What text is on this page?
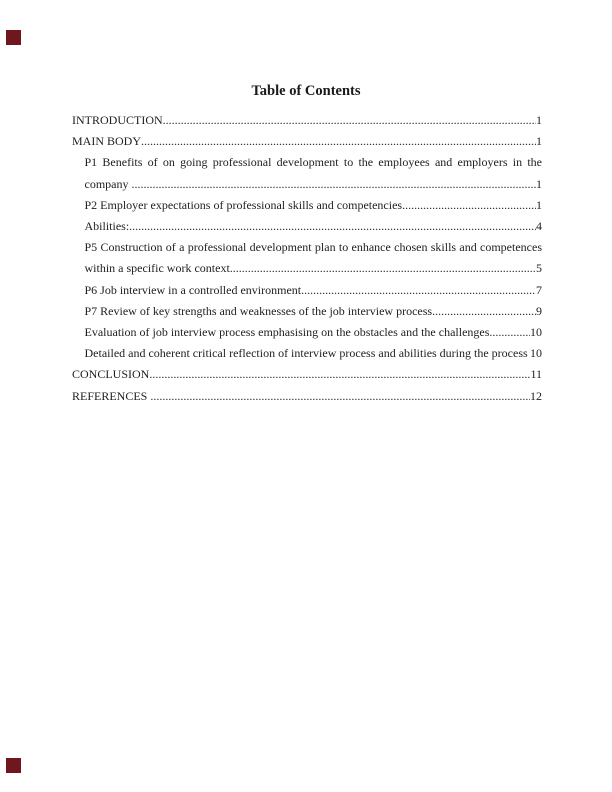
Table of Contents
INTRODUCTION .....	1
MAIN BODY .....	1
P1 Benefits of on going professional development to the employees and employers in the
company .....	1
P2 Employer expectations of professional skills and competencies .....	1
Abilities: .....	4
P5 Construction of a professional development plan to enhance chosen skills and competences
within a specific work context .....	5
P6 Job interview in a controlled environment .....	7
P7 Review of key strengths and weaknesses of the job interview process .....	9
Evaluation of job interview process emphasising on the obstacles and the challenges .....	10
Detailed and coherent critical reflection of interview process and abilities during the process 10
CONCLUSION .....	11
REFERENCES .....	12
